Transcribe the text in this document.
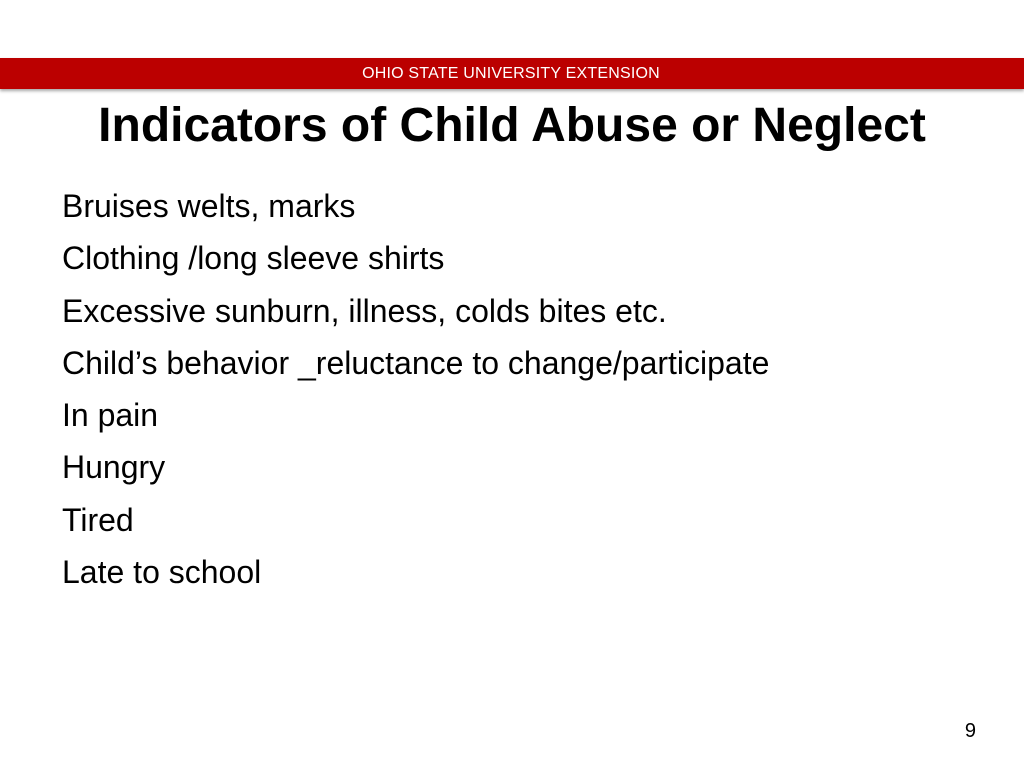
OHIO STATE UNIVERSITY EXTENSION
Indicators of Child Abuse or Neglect
Bruises welts, marks
Clothing /long sleeve shirts
Excessive sunburn, illness, colds bites etc.
Child’s behavior _reluctance to change/participate
In pain
Hungry
Tired
Late to school
9
